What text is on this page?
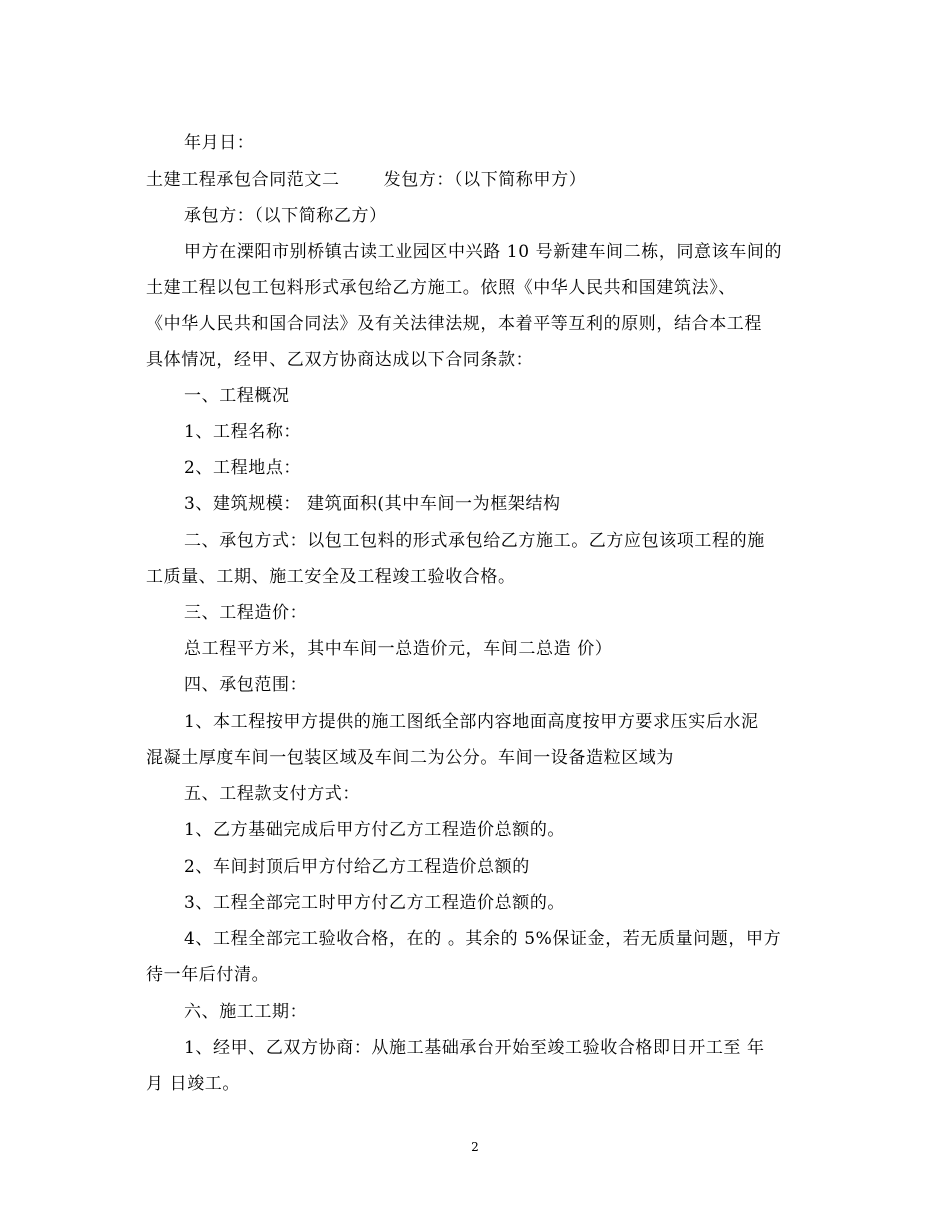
年月日：
土建工程承包合同范文二	发包方：（以下简称甲方）
承包方：（以下简称乙方）
甲方在溧阳市别桥镇古读工业园区中兴路 10 号新建车间二栋，同意该车间的
土建工程以包工包料形式承包给乙方施工。依照《中华人民共和国建筑法》、
《中华人民共和国合同法》及有关法律法规，本着平等互利的原则，结合本工程
具体情况，经甲、乙双方协商达成以下合同条款：
一、工程概况
1、工程名称：
2、工程地点：
3、建筑规模： 建筑面积(其中车间一为框架结构
二、承包方式：以包工包料的形式承包给乙方施工。乙方应包该项工程的施
工质量、工期、施工安全及工程竣工验收合格。
三、工程造价：
总工程平方米，其中车间一总造价元，车间二总造 价）
四、承包范围：
1、本工程按甲方提供的施工图纸全部内容地面高度按甲方要求压实后水泥
混凝土厚度车间一包装区域及车间二为公分。车间一设备造粒区域为
五、工程款支付方式：
1、乙方基础完成后甲方付乙方工程造价总额的。
2、车间封顶后甲方付给乙方工程造价总额的
3、工程全部完工时甲方付乙方工程造价总额的。
4、工程全部完工验收合格，在的 。其余的 5%保证金，若无质量问题，甲方
待一年后付清。
六、施工工期：
1、经甲、乙双方协商：从施工基础承台开始至竣工验收合格即日开工至 年
月 日竣工。
2
